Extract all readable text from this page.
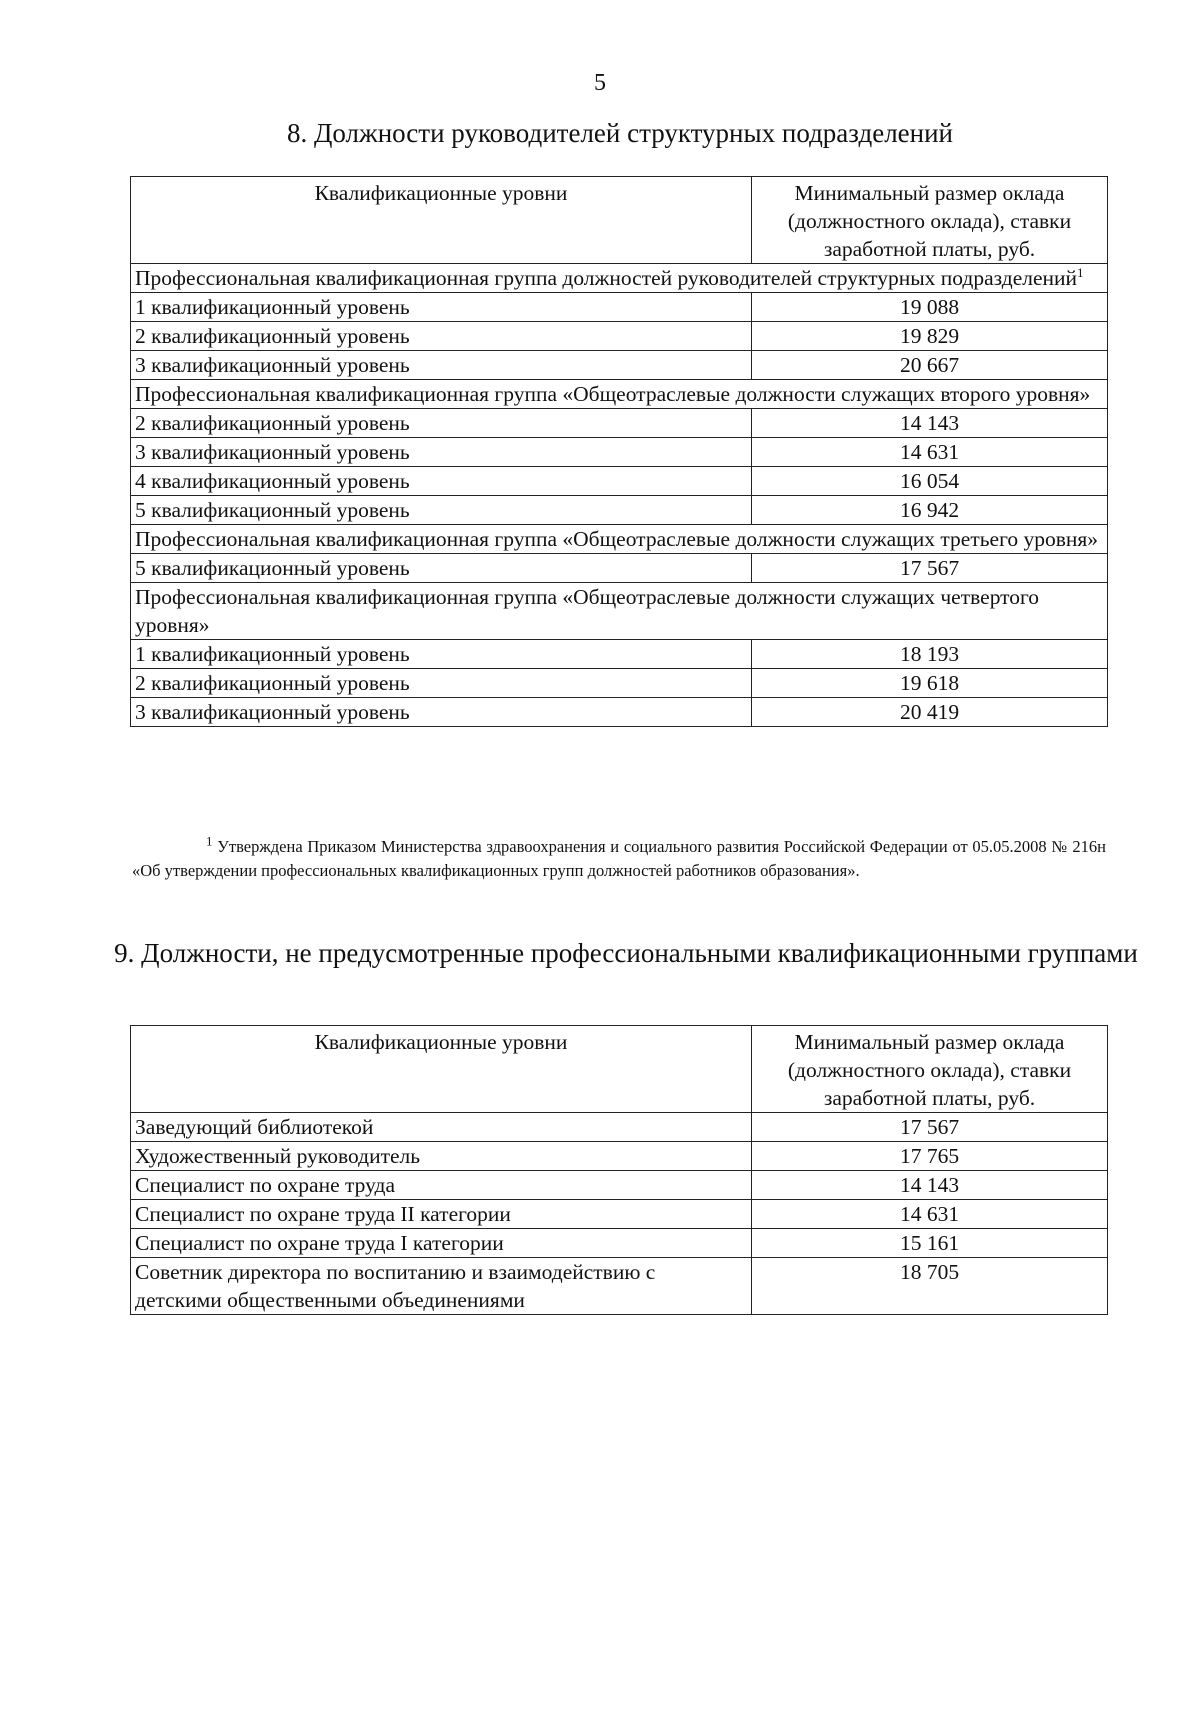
5
8. Должности руководителей структурных подразделений
Квалификационные уровни	Минимальный размер оклада (должностного оклада), ставки заработной платы, руб.
Профессиональная квалификационная группа должностей руководителей структурных подразделений$^1$
1 квалификационный уровень	19 088
2 квалификационный уровень	19 829
3 квалификационный уровень	20 667
Профессиональная квалификационная группа «Общеотраслевые должности служащих второго уровня»	
2 квалификационный уровень	14 143
3 квалификационный уровень	14 631
4 квалификационный уровень	16 054
5 квалификационный уровень	16 942
Профессиональная квалификационная группа «Общеотраслевые должности служащих третьего уровня»	
5 квалификационный уровень	17 567
Профессиональная квалификационная группа «Общеотраслевые должности служащих четвертого уровня»	
1 квалификационный уровень	18 193
2 квалификационный уровень	19 618
3 квалификационный уровень	20 419
$^1$ Утверждена Приказом Министерства здравоохранения и социального развития Российской Федерации от 05.05.2008 № 216н «Об утверждении профессиональных квалификационных групп должностей работников образования».
9. Должности, не предусмотренные профессиональными квалификационными группами
Квалификационные уровни	Минимальный размер оклада (должностного оклада), ставки заработной платы, руб.
Заведующий библиотекой	17 567
Художественный руководитель	17 765
Специалист по охране труда	14 143
Специалист по охране труда II категории	14 631
Специалист по охране труда I категории	15 161
Советник директора по воспитанию и взаимодействию с детскими общественными объединениями	18 705
